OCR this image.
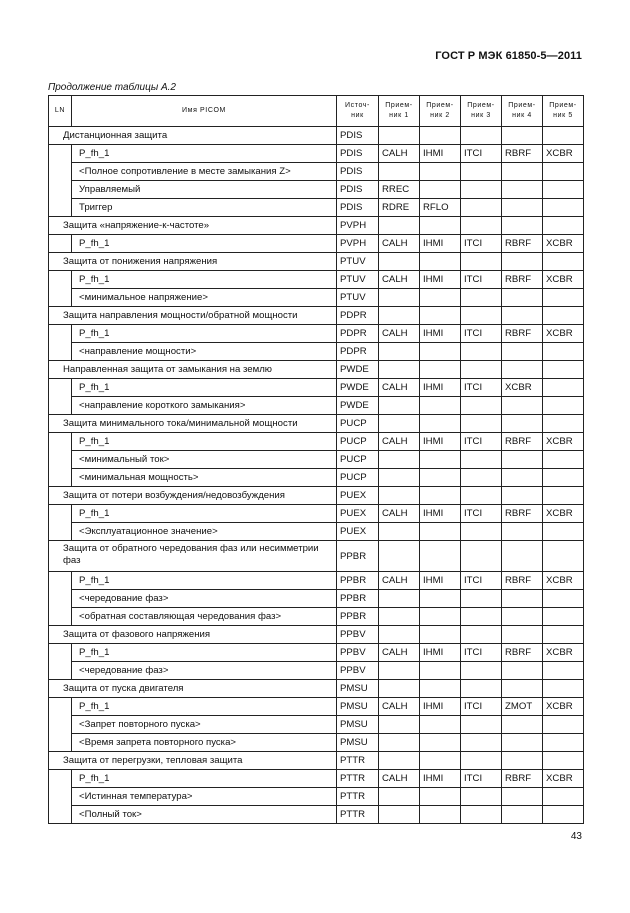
ГОСТ Р МЭК 61850-5—2011
Продолжение таблицы А.2
LN	Имя PICOM	Источ-ник	Прием-ник 1	Прием-ник 2	Прием-ник 3	Прием-ник 4	Прием-ник 5
Дистанционная защита		PDIS					
	P_fh_1	PDIS	CALH	IHMI	ITCI	RBRF	XCBR
	<Полное сопротивление в месте замыкания Z>	PDIS					
	Управляемый	PDIS	RREC				
	Триггер	PDIS	RDRE	RFLO			
Защита «напряжение-к-частоте»		PVPH					
	P_fh_1	PVPH	CALH	IHMI	ITCI	RBRF	XCBR
Защита от понижения напряжения		PTUV					
	P_fh_1	PTUV	CALH	IHMI	ITCI	RBRF	XCBR
	<минимальное напряжение>	PTUV					
Защита направления мощности/обратной мощности		PDPR					
	P_fh_1	PDPR	CALH	IHMI	ITCI	RBRF	XCBR
	<направление мощности>	PDPR					
Направленная защита от замыкания на землю		PWDE					
	P_fh_1	PWDE	CALH	IHMI	ITCI	XCBR	
	<направление короткого замыкания>	PWDE					
Защита минимального тока/минимальной мощности		PUCP					
	P_fh_1	PUCP	CALH	IHMI	ITCI	RBRF	XCBR
	<минимальный ток>	PUCP					
	<минимальная мощность>	PUCP					
Защита от потери возбуждения/недовозбуждения		PUEX					
	P_fh_1	PUEX	CALH	IHMI	ITCI	RBRF	XCBR
	<Эксплуатационное значение>	PUEX					
Защита от обратного чередования фаз или несимметрии фаз		PPBR					
	P_fh_1	PPBR	CALH	IHMI	ITCI	RBRF	XCBR
	<чередование фаз>	PPBR					
	<обратная составляющая чередования фаз>	PPBR					
Защита от фазового напряжения		PPBV					
	P_fh_1	PPBV	CALH	IHMI	ITCI	RBRF	XCBR
	<чередование фаз>	PPBV					
Защита от пуска двигателя		PMSU					
	P_fh_1	PMSU	CALH	IHMI	ITCI	ZMOT	XCBR
	<Запрет повторного пуска>	PMSU					
	<Время запрета повторного пуска>	PMSU					
Защита от перегрузки, тепловая защита		PTTR					
	P_fh_1	PTTR	CALH	IHMI	ITCI	RBRF	XCBR
	<Истинная температура>	PTTR					
	<Полный ток>	PTTR					
43
